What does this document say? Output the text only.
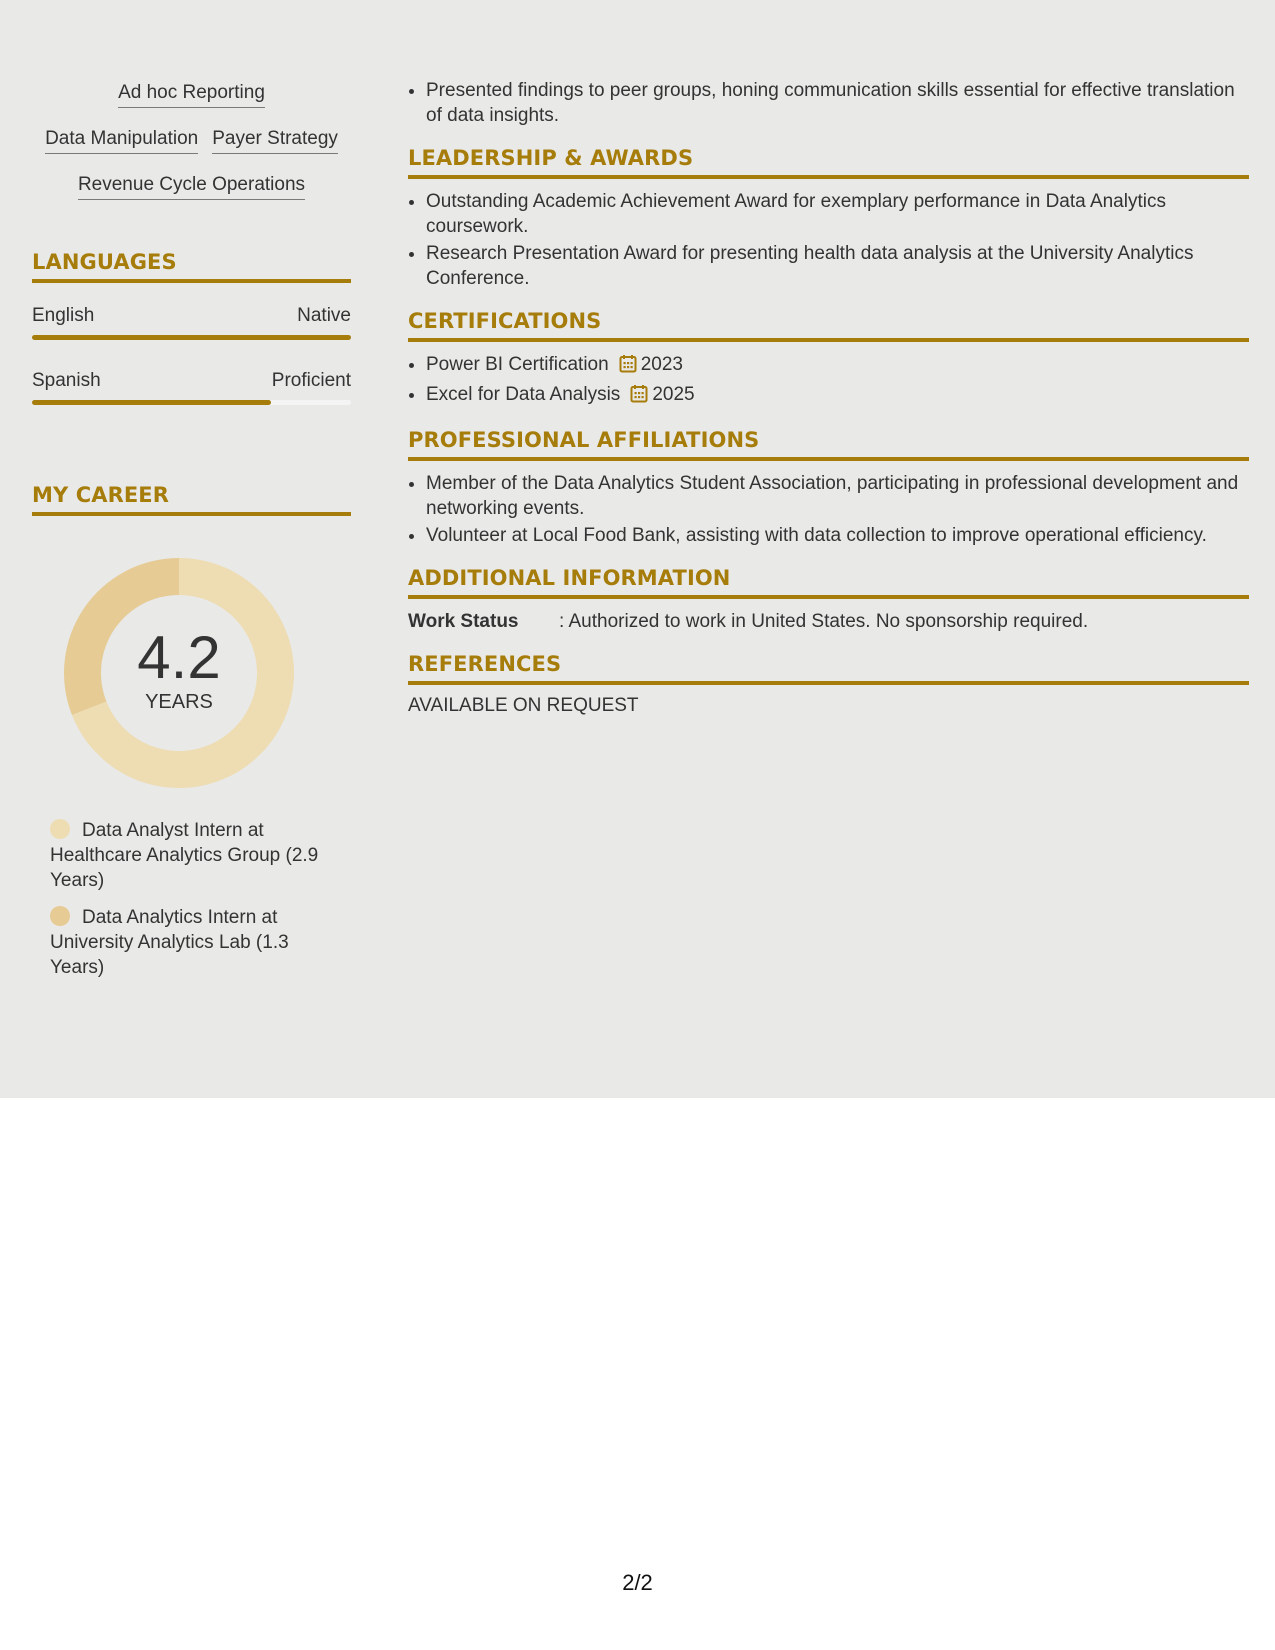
Ad hoc Reporting
Data Manipulation Payer Strategy
Revenue Cycle Operations
LANGUAGES
English	Native
Spanish	Proficient
MY CAREER
4.2
YEARS
Data Analyst Intern at Healthcare Analytics Group (2.9 Years)
Data Analytics Intern at University Analytics Lab (1.3 Years)
• Presented findings to peer groups, honing communication skills essential for effective translation of data insights.
LEADERSHIP & AWARDS
• Outstanding Academic Achievement Award for exemplary performance in Data Analytics coursework.
• Research Presentation Award for presenting health data analysis at the University Analytics Conference.
CERTIFICATIONS
• Power BI Certification 2023
• Excel for Data Analysis 2025
PROFESSIONAL AFFILIATIONS
• Member of the Data Analytics Student Association, participating in professional development and networking events.
• Volunteer at Local Food Bank, assisting with data collection to improve operational efficiency.
ADDITIONAL INFORMATION
Work Status	: Authorized to work in United States. No sponsorship required.
REFERENCES
AVAILABLE ON REQUEST
2/2
